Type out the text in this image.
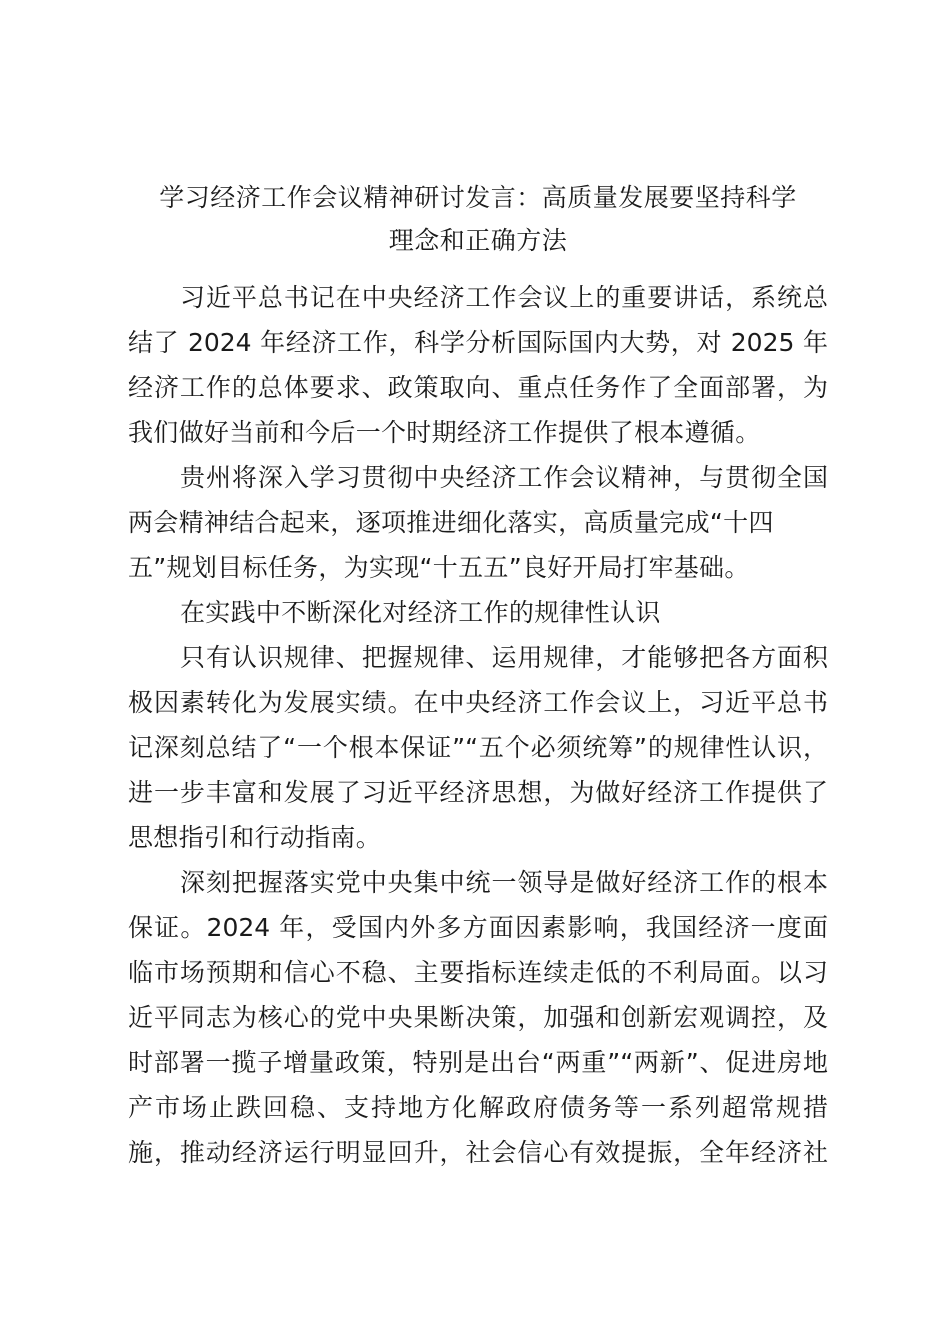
学习经济工作会议精神研讨发言：高质量发展要坚持科学
理念和正确方法
习近平总书记在中央经济工作会议上的重要讲话，系统总
结了 2024 年经济工作，科学分析国际国内大势，对 2025 年
经济工作的总体要求、政策取向、重点任务作了全面部署，为
我们做好当前和今后一个时期经济工作提供了根本遵循。
贵州将深入学习贯彻中央经济工作会议精神，与贯彻全国
两会精神结合起来，逐项推进细化落实，高质量完成“十四
五”规划目标任务，为实现“十五五”良好开局打牢基础。
在实践中不断深化对经济工作的规律性认识
只有认识规律、把握规律、运用规律，才能够把各方面积
极因素转化为发展实绩。在中央经济工作会议上，习近平总书
记深刻总结了“一个根本保证”“五个必须统筹”的规律性认识，
进一步丰富和发展了习近平经济思想，为做好经济工作提供了
思想指引和行动指南。
深刻把握落实党中央集中统一领导是做好经济工作的根本
保证。2024 年，受国内外多方面因素影响，我国经济一度面
临市场预期和信心不稳、主要指标连续走低的不利局面。以习
近平同志为核心的党中央果断决策，加强和创新宏观调控，及
时部署一揽子增量政策，特别是出台“两重”“两新”、促进房地
产市场止跌回稳、支持地方化解政府债务等一系列超常规措
施，推动经济运行明显回升，社会信心有效提振，全年经济社
